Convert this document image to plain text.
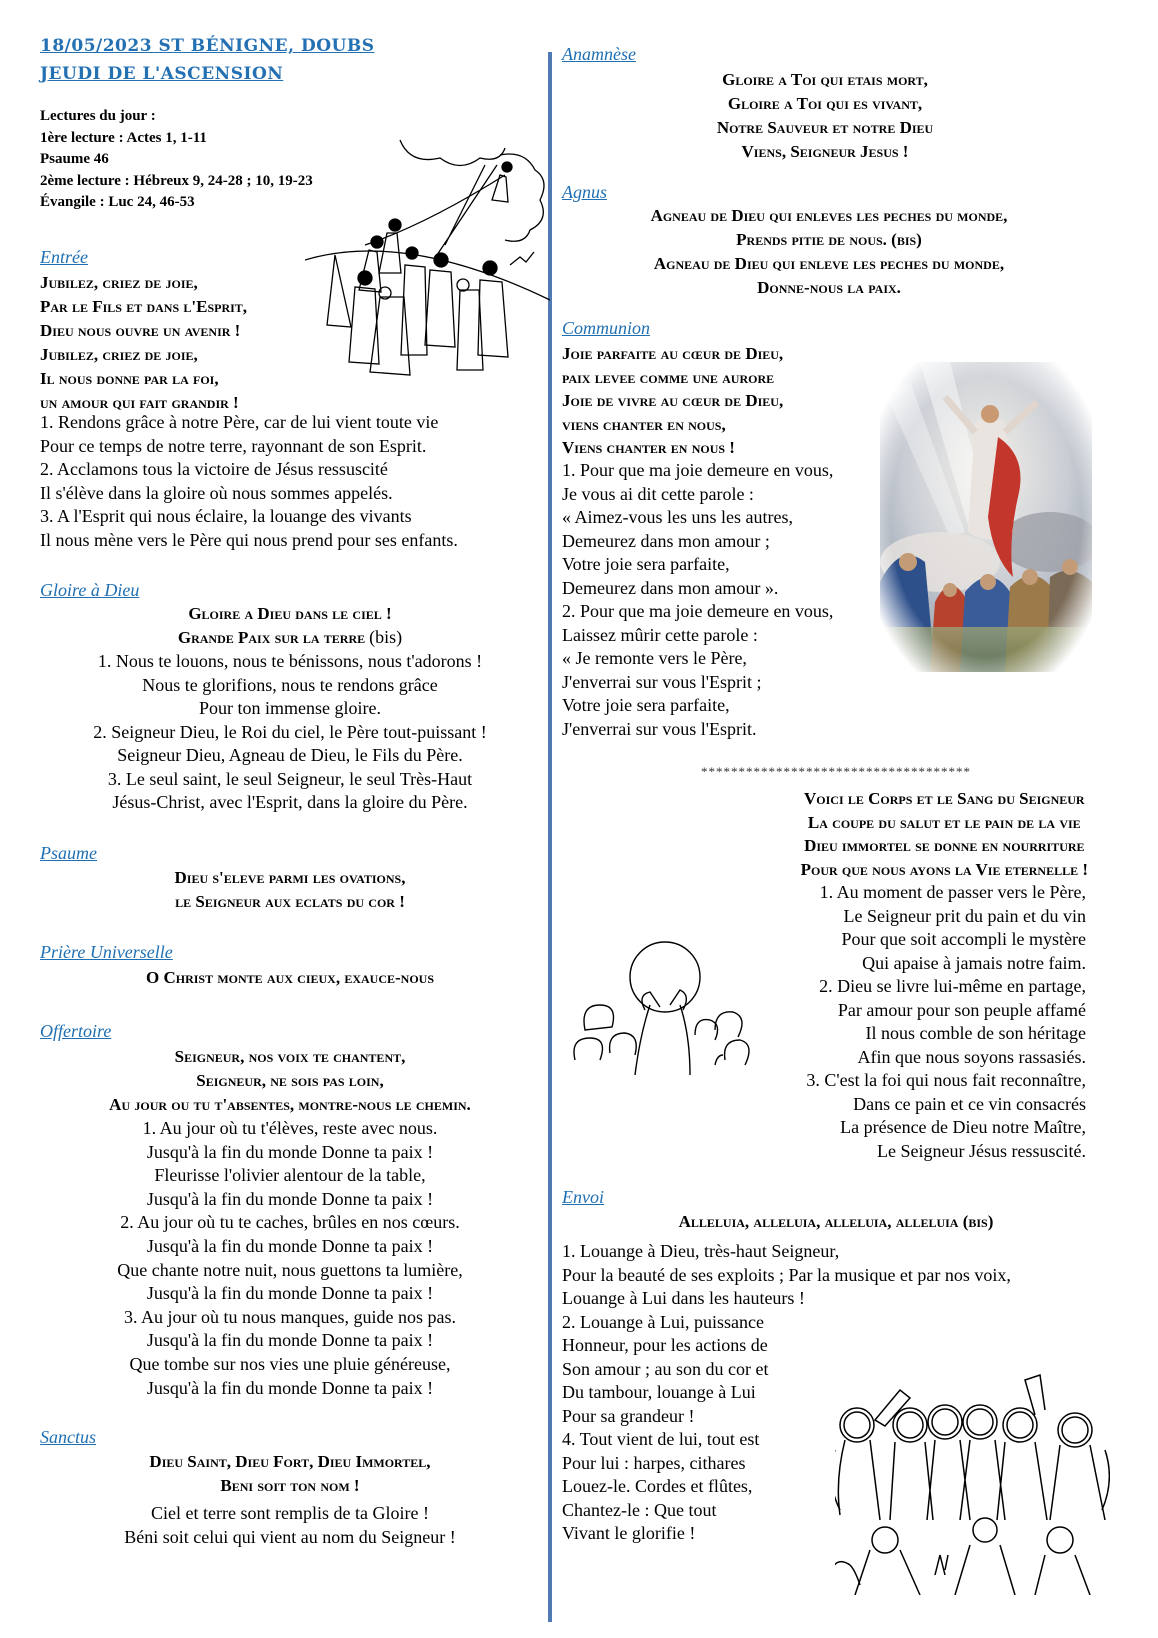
18/05/2023 ST BÉNIGNE, DOUBS
JEUDI DE L'ASCENSION
Lectures du jour :
1ère lecture : Actes 1, 1-11
Psaume 46
2ème lecture : Hébreux 9, 24-28 ; 10, 19-23
Évangile : Luc 24, 46-53
Entrée
Jubilez, criez de joie,
Par le Fils et dans l'Esprit,
Dieu nous ouvre un avenir !
Jubilez, criez de joie,
Il nous donne par la foi,
un amour qui fait grandir !
1. Rendons grâce à notre Père, car de lui vient toute vie
Pour ce temps de notre terre, rayonnant de son Esprit.
2. Acclamons tous la victoire de Jésus ressuscité
Il s'élève dans la gloire où nous sommes appelés.
3. A l'Esprit qui nous éclaire, la louange des vivants
Il nous mène vers le Père qui nous prend pour ses enfants.
Gloire à Dieu
Gloire a Dieu dans le ciel !
Grande Paix sur la terre (bis)
1. Nous te louons, nous te bénissons, nous t'adorons !
Nous te glorifions, nous te rendons grâce
Pour ton immense gloire.
2. Seigneur Dieu, le Roi du ciel, le Père tout-puissant !
Seigneur Dieu, Agneau de Dieu, le Fils du Père.
3. Le seul saint, le seul Seigneur, le seul Très-Haut
Jésus-Christ, avec l'Esprit, dans la gloire du Père.
Psaume
Dieu s'eleve parmi les ovations,
le Seigneur aux eclats du cor !
Prière Universelle
O Christ monte aux cieux, exauce-nous
Offertoire
Seigneur, nos voix te chantent,
Seigneur, ne sois pas loin,
Au jour ou tu t'absentes, montre-nous le chemin.
1. Au jour où tu t'élèves, reste avec nous.
Jusqu'à la fin du monde Donne ta paix !
Fleurisse l'olivier alentour de la table,
Jusqu'à la fin du monde Donne ta paix !
2. Au jour où tu te caches, brûles en nos cœurs.
Jusqu'à la fin du monde Donne ta paix !
Que chante notre nuit, nous guettons ta lumière,
Jusqu'à la fin du monde Donne ta paix !
3. Au jour où tu nous manques, guide nos pas.
Jusqu'à la fin du monde Donne ta paix !
Que tombe sur nos vies une pluie généreuse,
Jusqu'à la fin du monde Donne ta paix !
Sanctus
Dieu Saint, Dieu Fort, Dieu Immortel,
Beni soit ton nom !
Ciel et terre sont remplis de ta Gloire !
Béni soit celui qui vient au nom du Seigneur !
Anamnèse
Gloire a Toi qui etais mort,
Gloire a Toi qui es vivant,
Notre Sauveur et notre Dieu
Viens, Seigneur Jesus !
Agnus
Agneau de Dieu qui enleves les peches du monde,
Prends pitie de nous. (bis)
Agneau de Dieu qui enleve les peches du monde,
Donne-nous la paix.
Communion
Joie parfaite au cœur de Dieu,
paix levee comme une aurore
Joie de vivre au cœur de Dieu,
viens chanter en nous,
Viens chanter en nous !
1. Pour que ma joie demeure en vous,
Je vous ai dit cette parole :
« Aimez-vous les uns les autres,
Demeurez dans mon amour ;
Votre joie sera parfaite,
Demeurez dans mon amour ».
2. Pour que ma joie demeure en vous,
Laissez mûrir cette parole :
« Je remonte vers le Père,
J'enverrai sur vous l'Esprit ;
Votre joie sera parfaite,
J'enverrai sur vous l'Esprit.
************************************
Voici le Corps et le Sang du Seigneur
La coupe du salut et le pain de la vie
Dieu immortel se donne en nourriture
Pour que nous ayons la Vie eternelle !
1. Au moment de passer vers le Père,
Le Seigneur prit du pain et du vin
Pour que soit accompli le mystère
Qui apaise à jamais notre faim.
2. Dieu se livre lui-même en partage,
Par amour pour son peuple affamé
Il nous comble de son héritage
Afin que nous soyons rassasiés.
3. C'est la foi qui nous fait reconnaître,
Dans ce pain et ce vin consacrés
La présence de Dieu notre Maître,
Le Seigneur Jésus ressuscité.
Envoi
Alleluia, alleluia, alleluia, alleluia (bis)
1. Louange à Dieu, très-haut Seigneur,
Pour la beauté de ses exploits ; Par la musique et par nos voix,
Louange à Lui dans les hauteurs !
2. Louange à Lui, puissance
Honneur, pour les actions de
Son amour ; au son du cor et
Du tambour, louange à Lui
Pour sa grandeur !
4. Tout vient de lui, tout est
Pour lui : harpes, cithares
Louez-le. Cordes et flûtes,
Chantez-le : Que tout
Vivant le glorifie !
